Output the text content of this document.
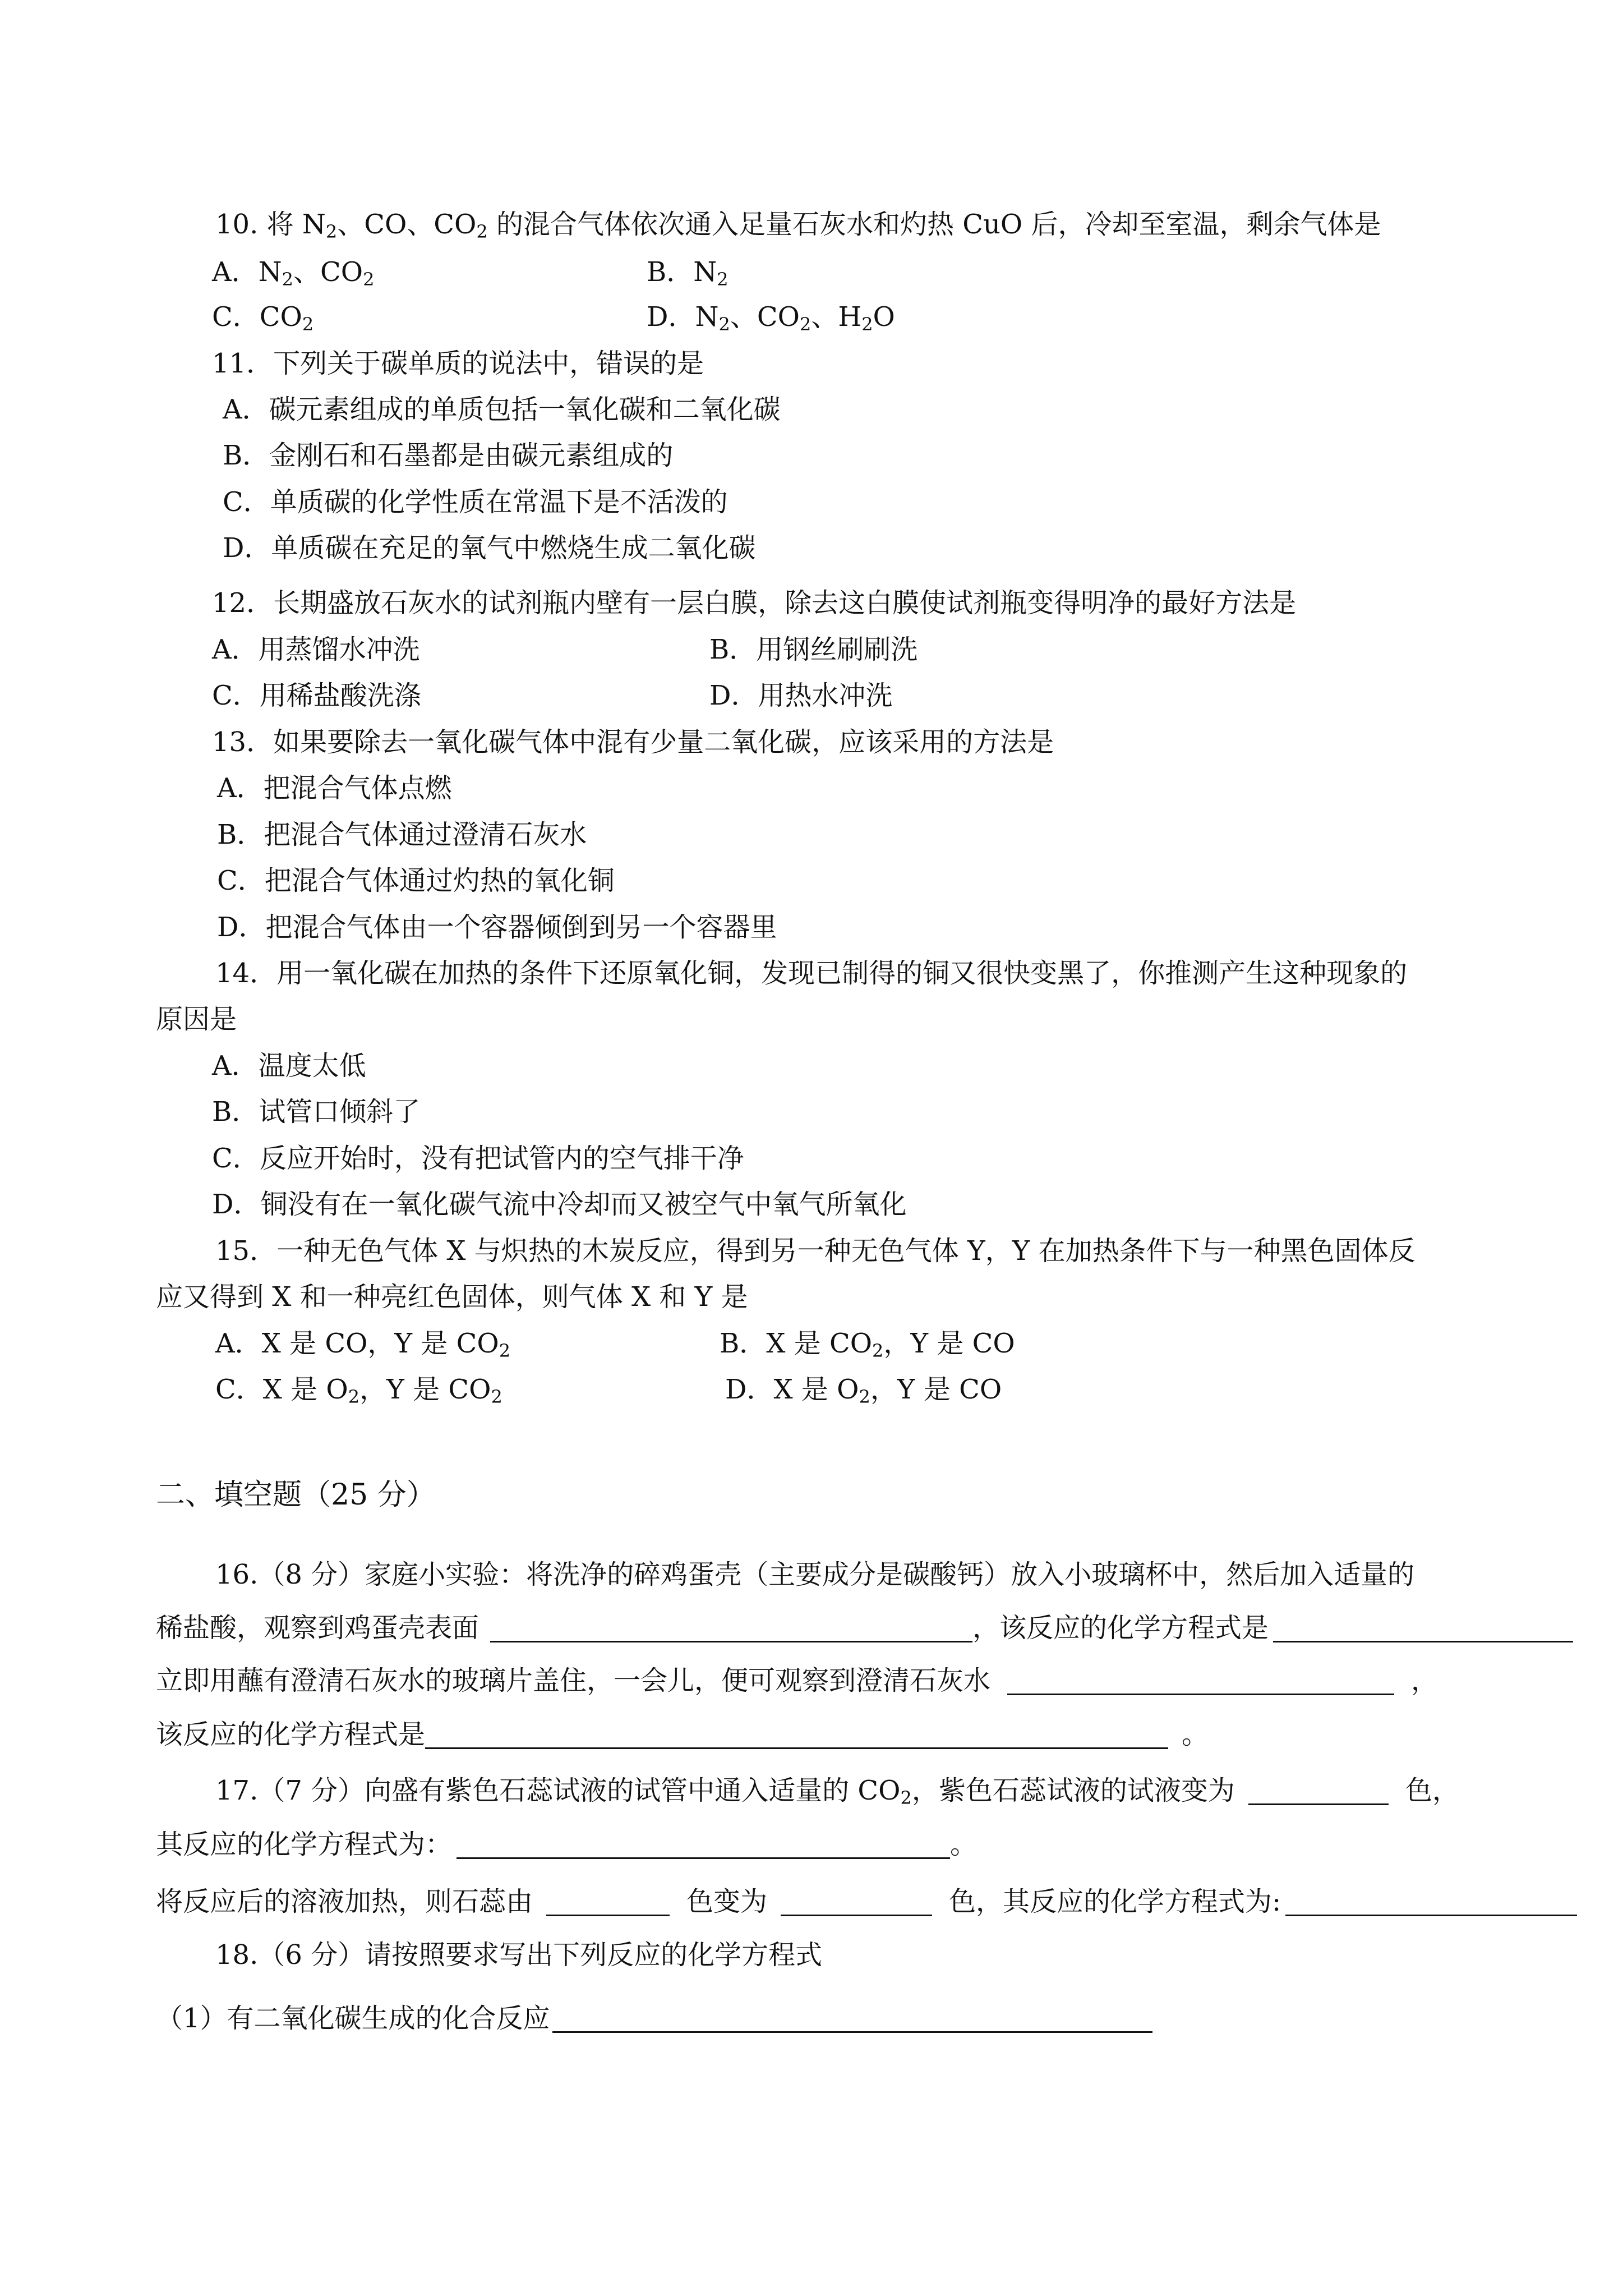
10. 将 $N_2$、CO、$CO_2$ 的混合气体依次通入足量石灰水和灼热 CuO 后，冷却至室温，剩余气体是
A．$N_2$、$CO_2$	B．$N_2$
C．$CO_2$	D．$N_2$、$CO_2$、$H_2O$
11．下列关于碳单质的说法中，错误的是
A．碳元素组成的单质包括一氧化碳和二氧化碳
B．金刚石和石墨都是由碳元素组成的
C．单质碳的化学性质在常温下是不活泼的
D．单质碳在充足的氧气中燃烧生成二氧化碳
12．长期盛放石灰水的试剂瓶内壁有一层白膜，除去这白膜使试剂瓶变得明净的最好方法是
A．用蒸馏水冲洗	B．用钢丝刷刷洗
C．用稀盐酸洗涤	D．用热水冲洗
13．如果要除去一氧化碳气体中混有少量二氧化碳，应该采用的方法是
A．把混合气体点燃
B．把混合气体通过澄清石灰水
C．把混合气体通过灼热的氧化铜
D．把混合气体由一个容器倾倒到另一个容器里
14．用一氧化碳在加热的条件下还原氧化铜，发现已制得的铜又很快变黑了，你推测产生这种现象的
原因是
A．温度太低
B．试管口倾斜了
C．反应开始时，没有把试管内的空气排干净
D．铜没有在一氧化碳气流中冷却而又被空气中氧气所氧化
15．一种无色气体 X 与炽热的木炭反应，得到另一种无色气体 Y，Y 在加热条件下与一种黑色固体反
应又得到 X 和一种亮红色固体，则气体 X 和 Y 是
A．X 是 CO，Y 是 $CO_2$	B．X 是 $CO_2$，Y 是 CO
C．X 是 $O_2$，Y 是 $CO_2$	D．X 是 $O_2$，Y 是 CO
二、填空题（25 分）
16.（8 分）家庭小实验：将洗净的碎鸡蛋壳（主要成分是碳酸钙）放入小玻璃杯中，然后加入适量的
稀盐酸，观察到鸡蛋壳表面	，该反应的化学方程式是
立即用蘸有澄清石灰水的玻璃片盖住，一会儿，便可观察到澄清石灰水	，
该反应的化学方程式是	。
17.（7 分）向盛有紫色石蕊试液的试管中通入适量的 $CO_2$，紫色石蕊试液的试液变为	色，
其反应的化学方程式为：	。
将反应后的溶液加热，则石蕊由	色变为	色，其反应的化学方程式为:
18.（6 分）请按照要求写出下列反应的化学方程式
（1）有二氧化碳生成的化合反应
